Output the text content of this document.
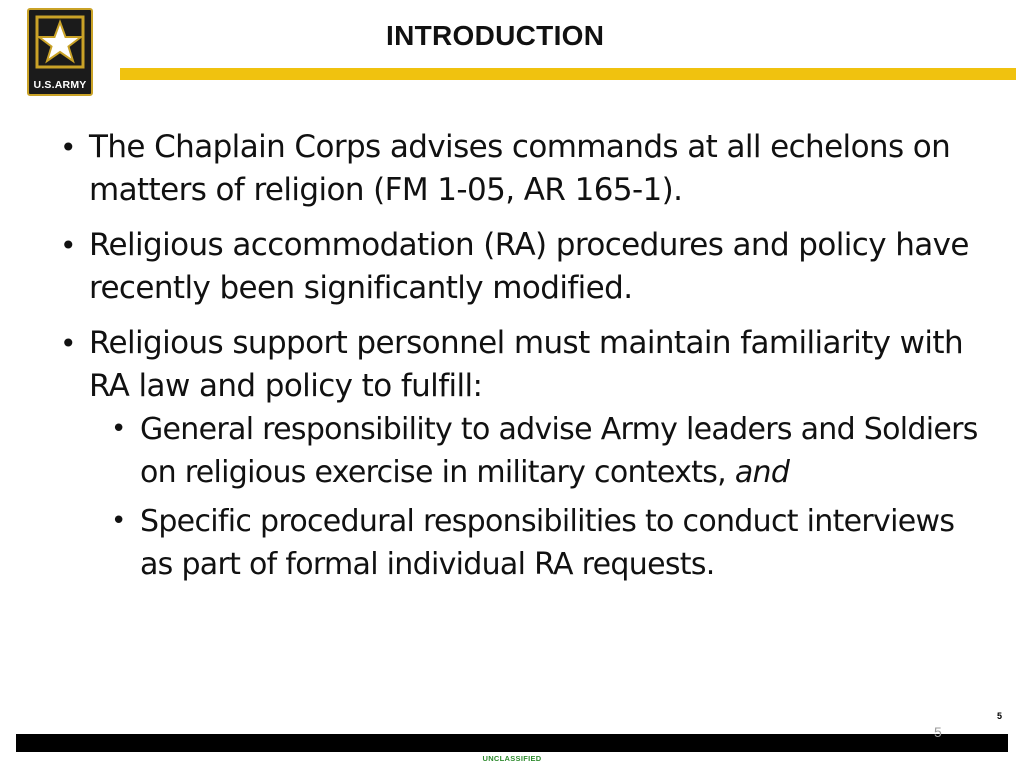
U.S.ARMY
INTRODUCTION
• The Chaplain Corps advises commands at all echelons on matters of religion (FM 1-05, AR 165-1).
• Religious accommodation (RA) procedures and policy have recently been significantly modified.
• Religious support personnel must maintain familiarity with RA law and policy to fulfill:
• General responsibility to advise Army leaders and Soldiers on religious exercise in military contexts, and
• Specific procedural responsibilities to conduct interviews as part of formal individual RA requests.
5
5
UNCLASSIFIED
